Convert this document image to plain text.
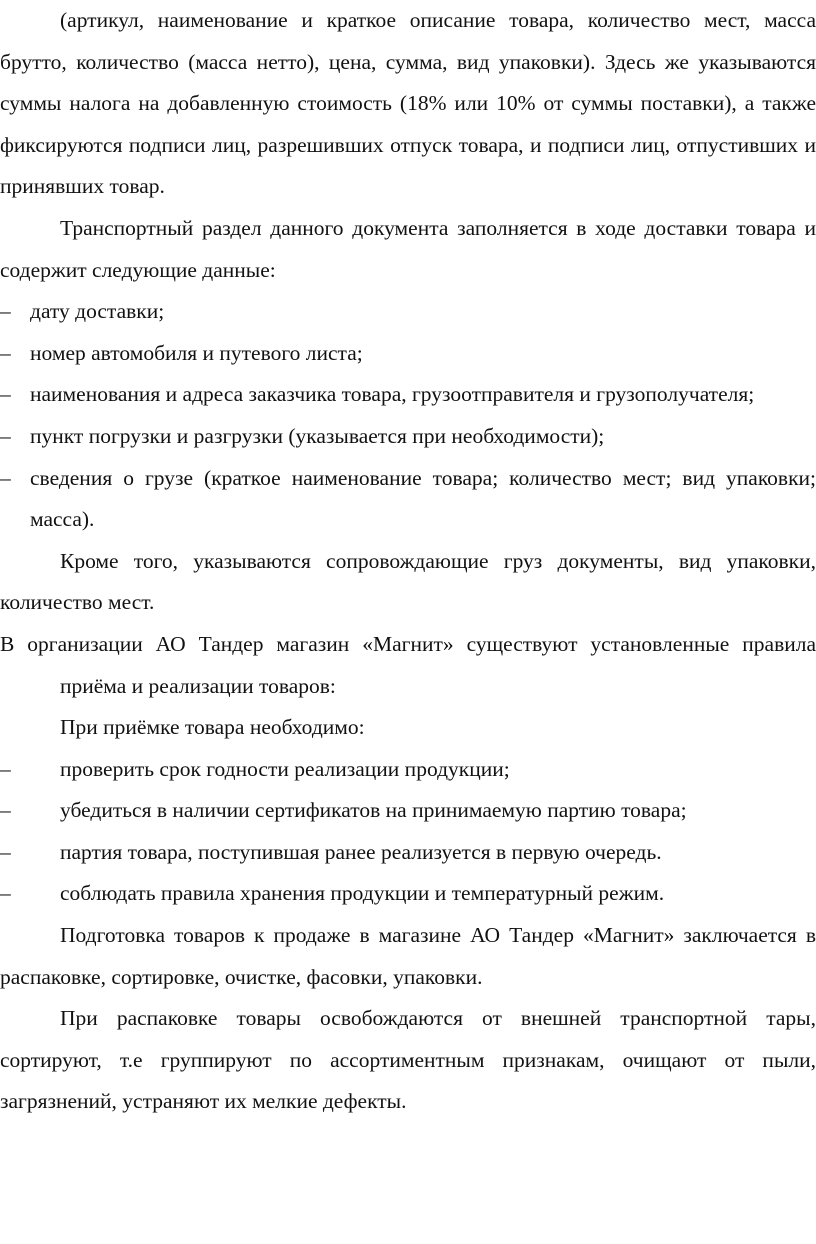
(артикул, наименование и краткое описание товара, количество мест, масса брутто, количество (масса нетто), цена, сумма, вид упаковки). Здесь же указываются суммы налога на добавленную стоимость (18% или 10% от суммы поставки), а также фиксируются подписи лиц, разрешивших отпуск товара, и подписи лиц, отпустивших и принявших товар.

Транспортный раздел данного документа заполняется в ходе доставки товара и содержит следующие данные:

– дату доставки;
– номер автомобиля и путевого листа;
– наименования и адреса заказчика товара, грузоотправителя и грузополучателя;
– пункт погрузки и разгрузки (указывается при необходимости);
– сведения о грузе (краткое наименование товара; количество мест; вид упаковки; масса).

Кроме того, указываются сопровождающие груз документы, вид упаковки, количество мест.

В организации АО Тандер магазин «Магнит» существуют установленные правила приёма и реализации товаров:

При приёмке товара необходимо:

–	проверить срок годности реализации продукции;
–	убедиться в наличии сертификатов на принимаемую партию товара;
–	партия товара, поступившая ранее реализуется в первую очередь.
–	соблюдать правила хранения продукции и температурный режим.

Подготовка товаров к продаже в магазине АО Тандер «Магнит» заключается в распаковке, сортировке, очистке, фасовки, упаковки.

При распаковке товары освобождаются от внешней транспортной тары, сортируют, т.е группируют по ассортиментным признакам, очищают от пыли, загрязнений, устраняют их мелкие дефекты.
